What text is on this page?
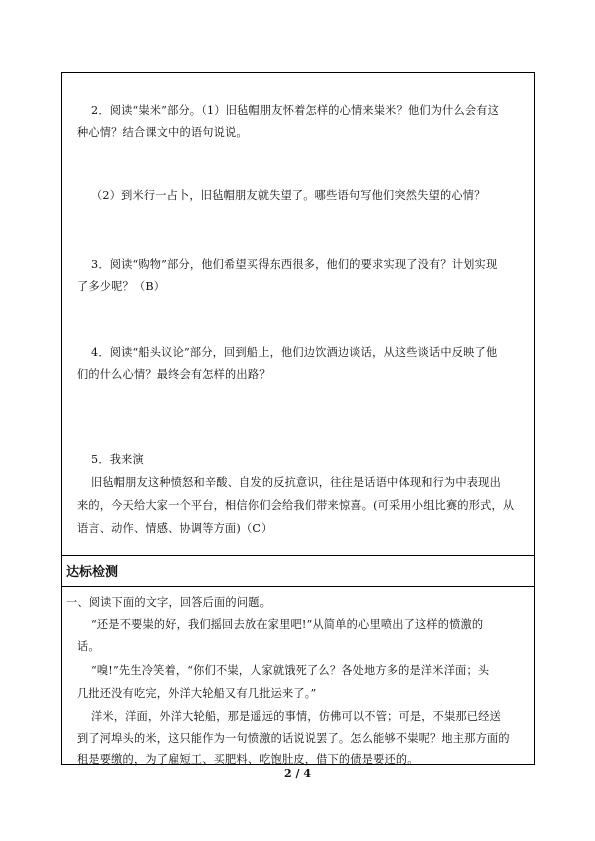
2．阅读“粜米”部分。（1）旧毡帽朋友怀着怎样的心情来粜米？他们为什么会有这
种心情？结合课文中的语句说说。
（2）到米行一占卜，旧毡帽朋友就失望了。哪些语句写他们突然失望的心情？
3．阅读“购物”部分，他们希望买得东西很多，他们的要求实现了没有？计划实现
了多少呢？（B）
4．阅读“船头议论”部分，回到船上，他们边饮酒边谈话，从这些谈话中反映了他
们的什么心情？最终会有怎样的出路？
5．我来演
旧毡帽朋友这种愤怒和辛酸、自发的反抗意识，往往是话语中体现和行为中表现出
来的，今天给大家一个平台，相信你们会给我们带来惊喜。(可采用小组比赛的形式，从
语言、动作、情感、协调等方面)（C）
达标检测
一、阅读下面的文字，回答后面的问题。
“还是不要粜的好，我们摇回去放在家里吧!”从简单的心里喷出了这样的愤激的
话。
“嗅!”先生冷笑着，“你们不粜，人家就饿死了么？各处地方多的是洋米洋面；头
几批还没有吃完，外洋大轮船又有几批运来了。”
洋米，洋面，外洋大轮船，那是遥远的事情，仿佛可以不管；可是，不粜那已经送
到了河埠头的米，这只能作为一句愤激的话说说罢了。怎么能够不粜呢？地主那方面的
租是要缴的，为了雇短工、买肥料、吃饱肚皮，借下的债是要还的。
2 / 4
